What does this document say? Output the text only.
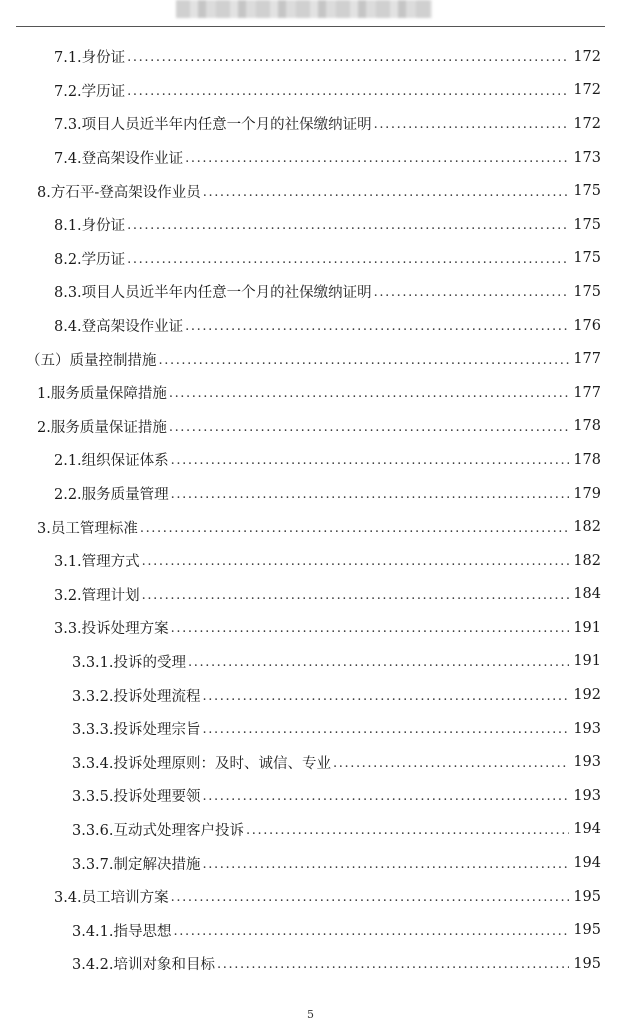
7.1.身份证 .....	172
7.2.学历证 .....	172
7.3.项目人员近半年内任意一个月的社保缴纳证明 .....	172
7.4.登高架设作业证 .....	173
8.方石平-登高架设作业员 .....	175
8.1.身份证 .....	175
8.2.学历证 .....	175
8.3.项目人员近半年内任意一个月的社保缴纳证明 .....	175
8.4.登高架设作业证 .....	176
（五）质量控制措施 .....	177
1.服务质量保障措施 .....	177
2.服务质量保证措施 .....	178
2.1.组织保证体系 .....	178
2.2.服务质量管理 .....	179
3.员工管理标准 .....	182
3.1.管理方式 .....	182
3.2.管理计划 .....	184
3.3.投诉处理方案 .....	191
3.3.1.投诉的受理 .....	191
3.3.2.投诉处理流程 .....	192
3.3.3.投诉处理宗旨 .....	193
3.3.4.投诉处理原则：及时、诚信、专业 .....	193
3.3.5.投诉处理要领 .....	193
3.3.6.互动式处理客户投诉 .....	194
3.3.7.制定解决措施 .....	194
3.4.员工培训方案 .....	195
3.4.1.指导思想 .....	195
3.4.2.培训对象和目标 .....	195
5
